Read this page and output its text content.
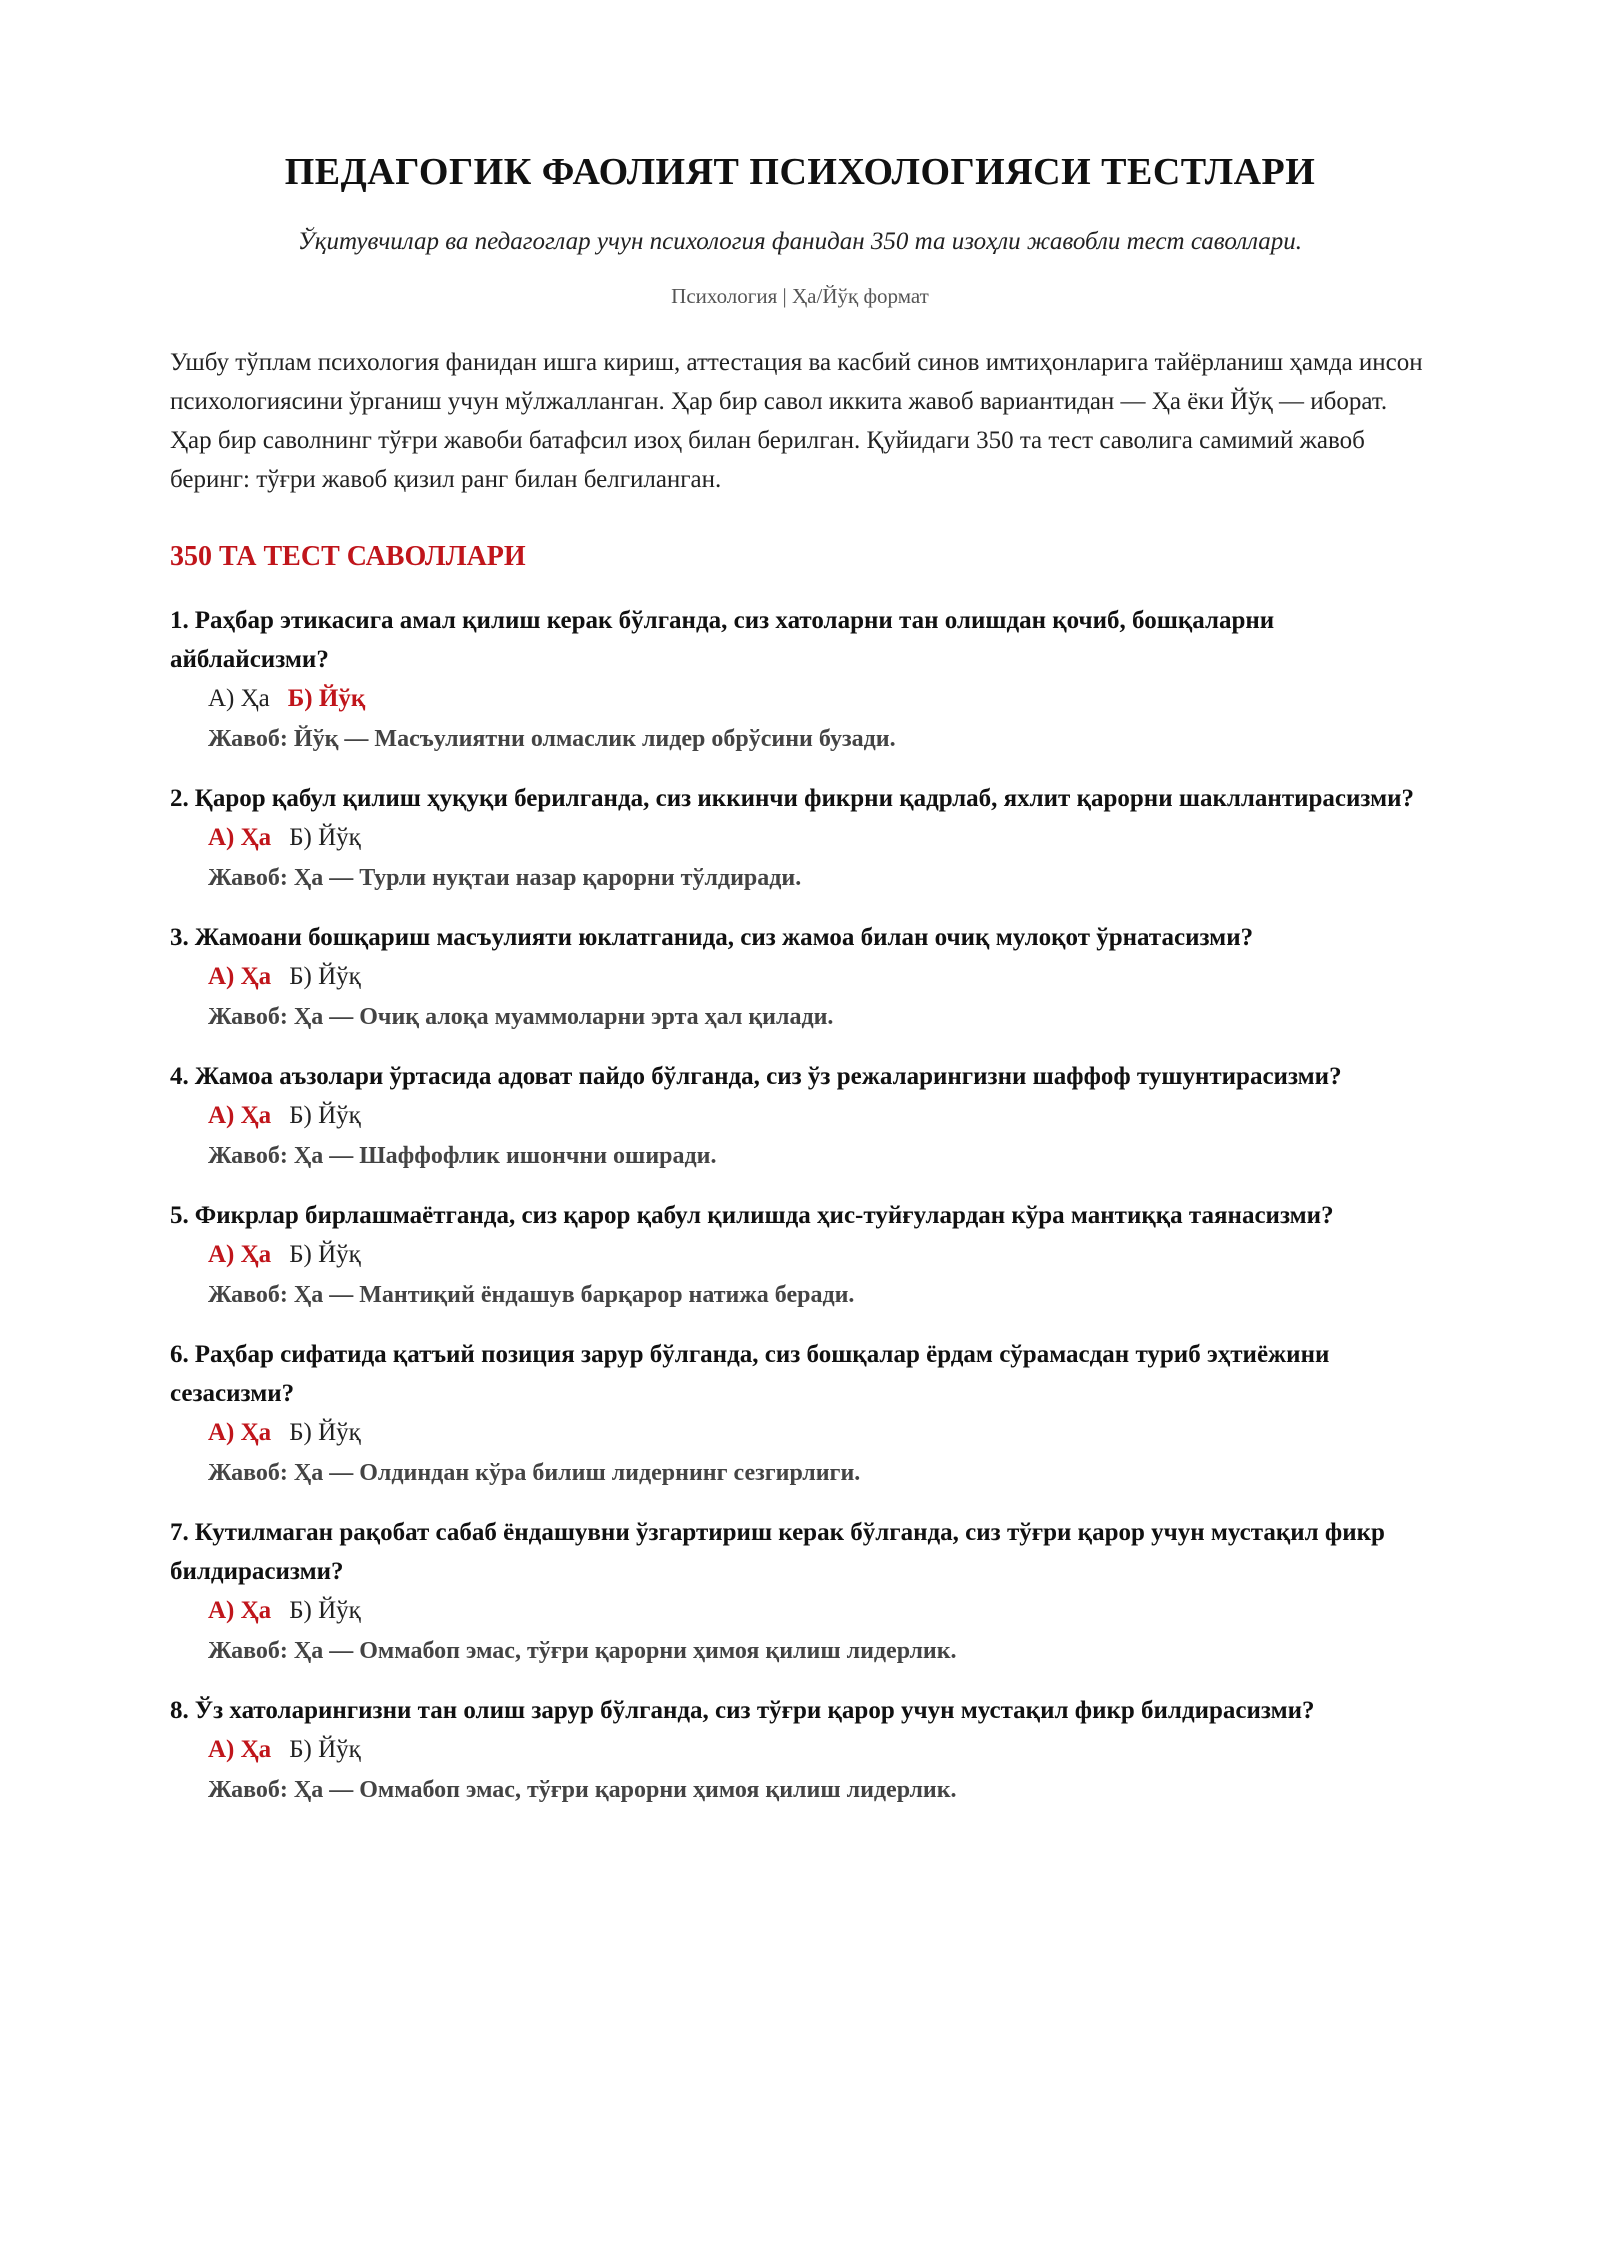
ПЕДАГОГИК ФАОЛИЯТ ПСИХОЛОГИЯСИ ТЕСТЛАРИ

Ўқитувчилар ва педагоглар учун психология фанидан 350 та изоҳли жавобли тест саволлари.

Психология | Ҳа/Йўқ формат

Ушбу тўплам психология фанидан ишга кириш, аттестация ва касбий синов имтиҳонларига тайёрланиш ҳамда инсон психологиясини ўрганиш учун мўлжалланган. Ҳар бир савол иккита жавоб вариантидан — Ҳа ёки Йўқ — иборат. Ҳар бир саволнинг тўғри жавоби батафсил изоҳ билан берилган. Қуйидаги 350 та тест саволига самимий жавоб беринг: тўғри жавоб қизил ранг билан белгиланган.

350 ТА ТЕСТ САВОЛЛАРИ
1. Раҳбар этикасига амал қилиш керак бўлганда, сиз хатоларни тан олишдан қочиб, бошқаларни айблайсизми?
А) Ҳа Б) Йўқ
Жавоб: Йўқ — Масъулиятни олмаслик лидер обрўсини бузади.
2. Қарор қабул қилиш ҳуқуқи берилганда, сиз иккинчи фикрни қадрлаб, яхлит қарорни шакллантирасизми?
А) Ҳа Б) Йўқ
Жавоб: Ҳа — Турли нуқтаи назар қарорни тўлдиради.
3. Жамоани бошқариш масъулияти юклатганида, сиз жамоа билан очиқ мулоқот ўрнатасизми?
А) Ҳа Б) Йўқ
Жавоб: Ҳа — Очиқ алоқа муаммоларни эрта ҳал қилади.
4. Жамоа аъзолари ўртасида адоват пайдо бўлганда, сиз ўз режаларингизни шаффоф тушунтирасизми?
А) Ҳа Б) Йўқ
Жавоб: Ҳа — Шаффофлик ишончни оширади.
5. Фикрлар бирлашмаётганда, сиз қарор қабул қилишда ҳис-туйғулардан кўра мантиққа таянасизми?
А) Ҳа Б) Йўқ
Жавоб: Ҳа — Мантиқий ёндашув барқарор натижа беради.
6. Раҳбар сифатида қатъий позиция зарур бўлганда, сиз бошқалар ёрдам сўрамасдан туриб эҳтиёжини сезасизми?
А) Ҳа Б) Йўқ
Жавоб: Ҳа — Олдиндан кўра билиш лидернинг сезгирлиги.
7. Кутилмаган рақобат сабаб ёндашувни ўзгартириш керак бўлганда, сиз тўғри қарор учун мустақил фикр билдирасизми?
А) Ҳа Б) Йўқ
Жавоб: Ҳа — Оммабоп эмас, тўғри қарорни ҳимоя қилиш лидерлик.
8. Ўз хатоларингизни тан олиш зарур бўлганда, сиз тўғри қарор учун мустақил фикр билдирасизми?
А) Ҳа Б) Йўқ
Жавоб: Ҳа — Оммабоп эмас, тўғри қарорни ҳимоя қилиш лидерлик.
